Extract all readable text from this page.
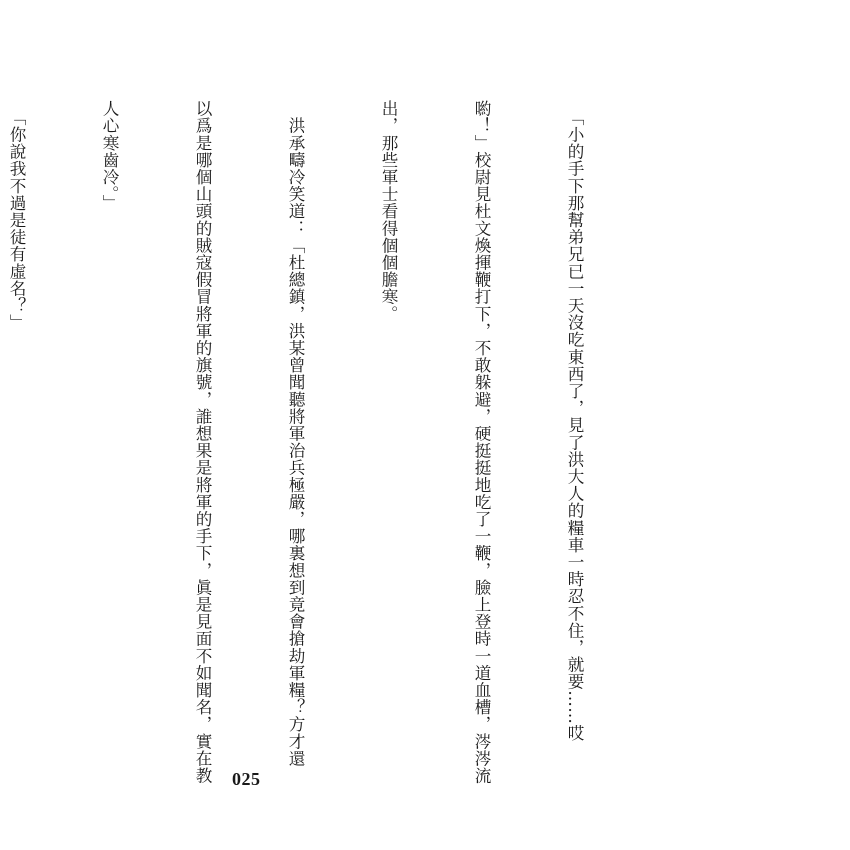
　「小的手下那幫弟兄已一天沒吃東西了，見了洪大人的糧車一時忍不住，就要……哎

喲！」校尉見杜文煥揮鞭打下，不敢躲避，硬挺挺地吃了一鞭，臉上登時一道血槽，涔涔流

出，那些軍士看得個個膽寒。

　洪承疇冷笑道：「杜總鎮，洪某曾聞聽將軍治兵極嚴，哪裏想到竟會搶劫軍糧？方才還

以爲是哪個山頭的賊寇假冒將軍的旗號，誰想果是將軍的手下，眞是見面不如聞名，實在教

人心寒齒冷。」

　「你說我不過是徒有虛名？」

025
